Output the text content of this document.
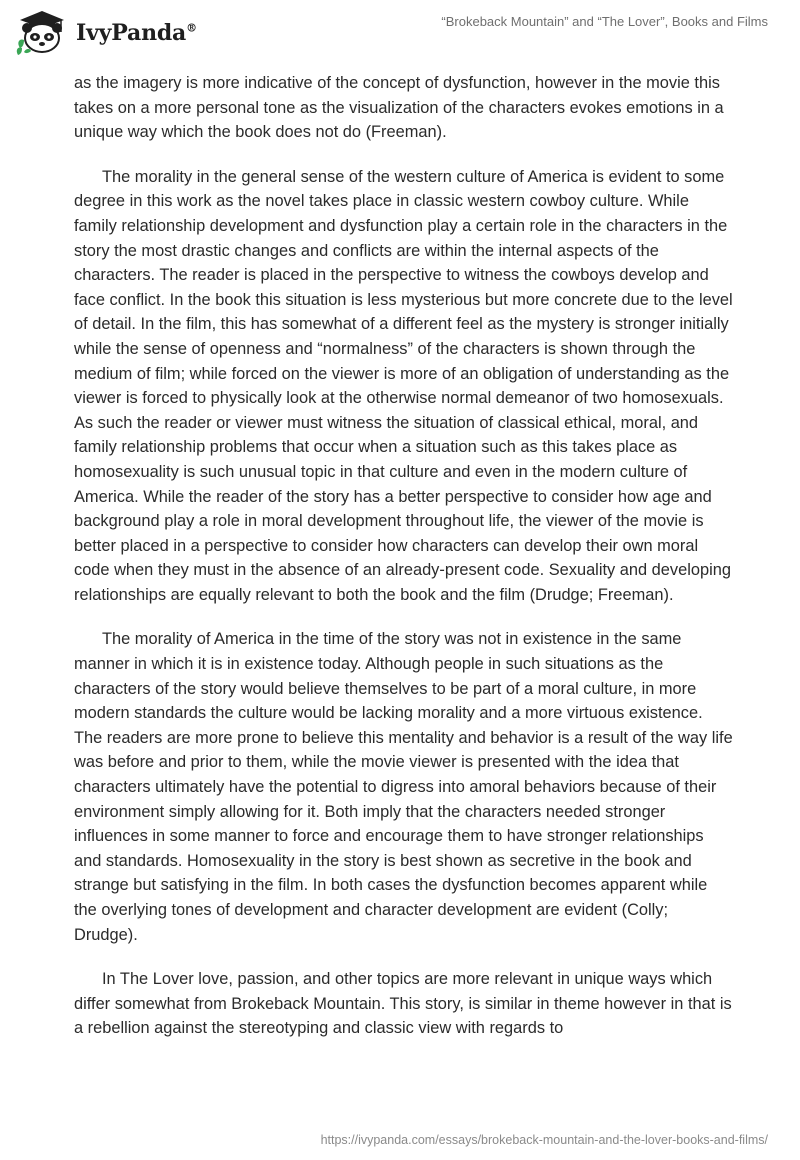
IvyPanda®	“Brokeback Mountain” and “The Lover”, Books and Films

as the imagery is more indicative of the concept of dysfunction, however in the movie this takes on a more personal tone as the visualization of the characters evokes emotions in a unique way which the book does not do (Freeman).

The morality in the general sense of the western culture of America is evident to some degree in this work as the novel takes place in classic western cowboy culture. While family relationship development and dysfunction play a certain role in the characters in the story the most drastic changes and conflicts are within the internal aspects of the characters. The reader is placed in the perspective to witness the cowboys develop and face conflict. In the book this situation is less mysterious but more concrete due to the level of detail. In the film, this has somewhat of a different feel as the mystery is stronger initially while the sense of openness and “normalness” of the characters is shown through the medium of film; while forced on the viewer is more of an obligation of understanding as the viewer is forced to physically look at the otherwise normal demeanor of two homosexuals. As such the reader or viewer must witness the situation of classical ethical, moral, and family relationship problems that occur when a situation such as this takes place as homosexuality is such unusual topic in that culture and even in the modern culture of America. While the reader of the story has a better perspective to consider how age and background play a role in moral development throughout life, the viewer of the movie is better placed in a perspective to consider how characters can develop their own moral code when they must in the absence of an already-present code. Sexuality and developing relationships are equally relevant to both the book and the film (Drudge; Freeman).

The morality of America in the time of the story was not in existence in the same manner in which it is in existence today. Although people in such situations as the characters of the story would believe themselves to be part of a moral culture, in more modern standards the culture would be lacking morality and a more virtuous existence. The readers are more prone to believe this mentality and behavior is a result of the way life was before and prior to them, while the movie viewer is presented with the idea that characters ultimately have the potential to digress into amoral behaviors because of their environment simply allowing for it. Both imply that the characters needed stronger influences in some manner to force and encourage them to have stronger relationships and standards. Homosexuality in the story is best shown as secretive in the book and strange but satisfying in the film. In both cases the dysfunction becomes apparent while the overlying tones of development and character development are evident (Colly; Drudge).

In The Lover love, passion, and other topics are more relevant in unique ways which differ somewhat from Brokeback Mountain. This story, is similar in theme however in that is a rebellion against the stereotyping and classic view with regards to

https://ivypanda.com/essays/brokeback-mountain-and-the-lover-books-and-films/
